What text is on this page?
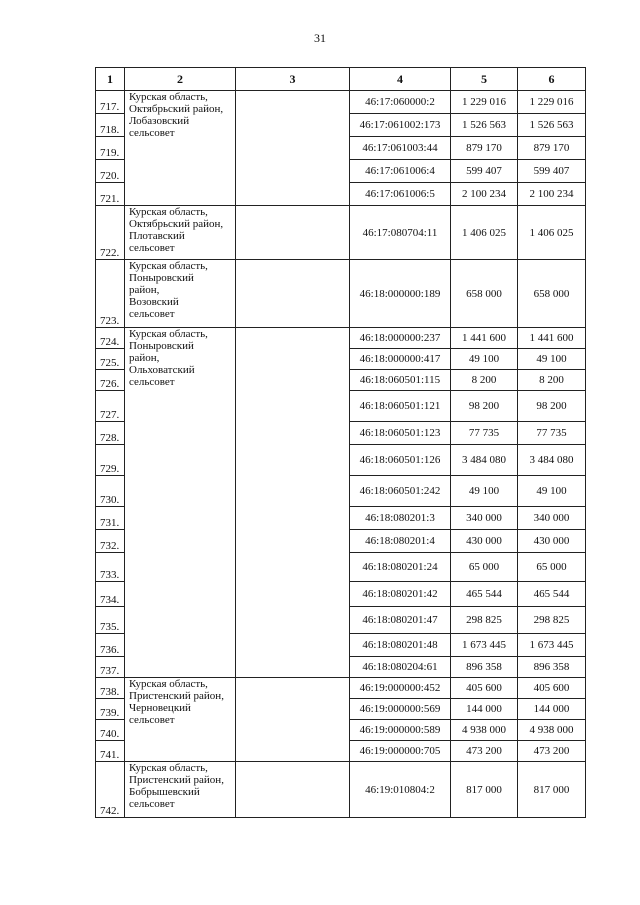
31
1	2	3	4	5	6
717.	Курская область,
Октябрьский район,
Лобазовский
сельсовет		46:17:060000:2	1 229 016	1 229 016
718.			46:17:061002:173	1 526 563	1 526 563
719.			46:17:061003:44	879 170	879 170
720.			46:17:061006:4	599 407	599 407
721.			46:17:061006:5	2 100 234	2 100 234
722.	Курская область,
Октябрьский район,
Плотавский
сельсовет		46:17:080704:11	1 406 025	1 406 025
723.	Курская область,
Поныровский
район,
Возовский
сельсовет		46:18:000000:189	658 000	658 000
724.	Курская область,
Поныровский
район,
Ольховатский
сельсовет		46:18:000000:237	1 441 600	1 441 600
725.			46:18:000000:417	49 100	49 100
726.			46:18:060501:115	8 200	8 200
727.			46:18:060501:121	98 200	98 200
728.			46:18:060501:123	77 735	77 735
729.			46:18:060501:126	3 484 080	3 484 080
730.			46:18:060501:242	49 100	49 100
731.			46:18:080201:3	340 000	340 000
732.			46:18:080201:4	430 000	430 000
733.			46:18:080201:24	65 000	65 000
734.			46:18:080201:42	465 544	465 544
735.			46:18:080201:47	298 825	298 825
736.			46:18:080201:48	1 673 445	1 673 445
737.			46:18:080204:61	896 358	896 358
738.	Курская область,
Пристенский район,
Черновецкий
сельсовет		46:19:000000:452	405 600	405 600
739.			46:19:000000:569	144 000	144 000
740.			46:19:000000:589	4 938 000	4 938 000
741.			46:19:000000:705	473 200	473 200
742.	Курская область,
Пристенский район,
Бобрышевский
сельсовет		46:19:010804:2	817 000	817 000
